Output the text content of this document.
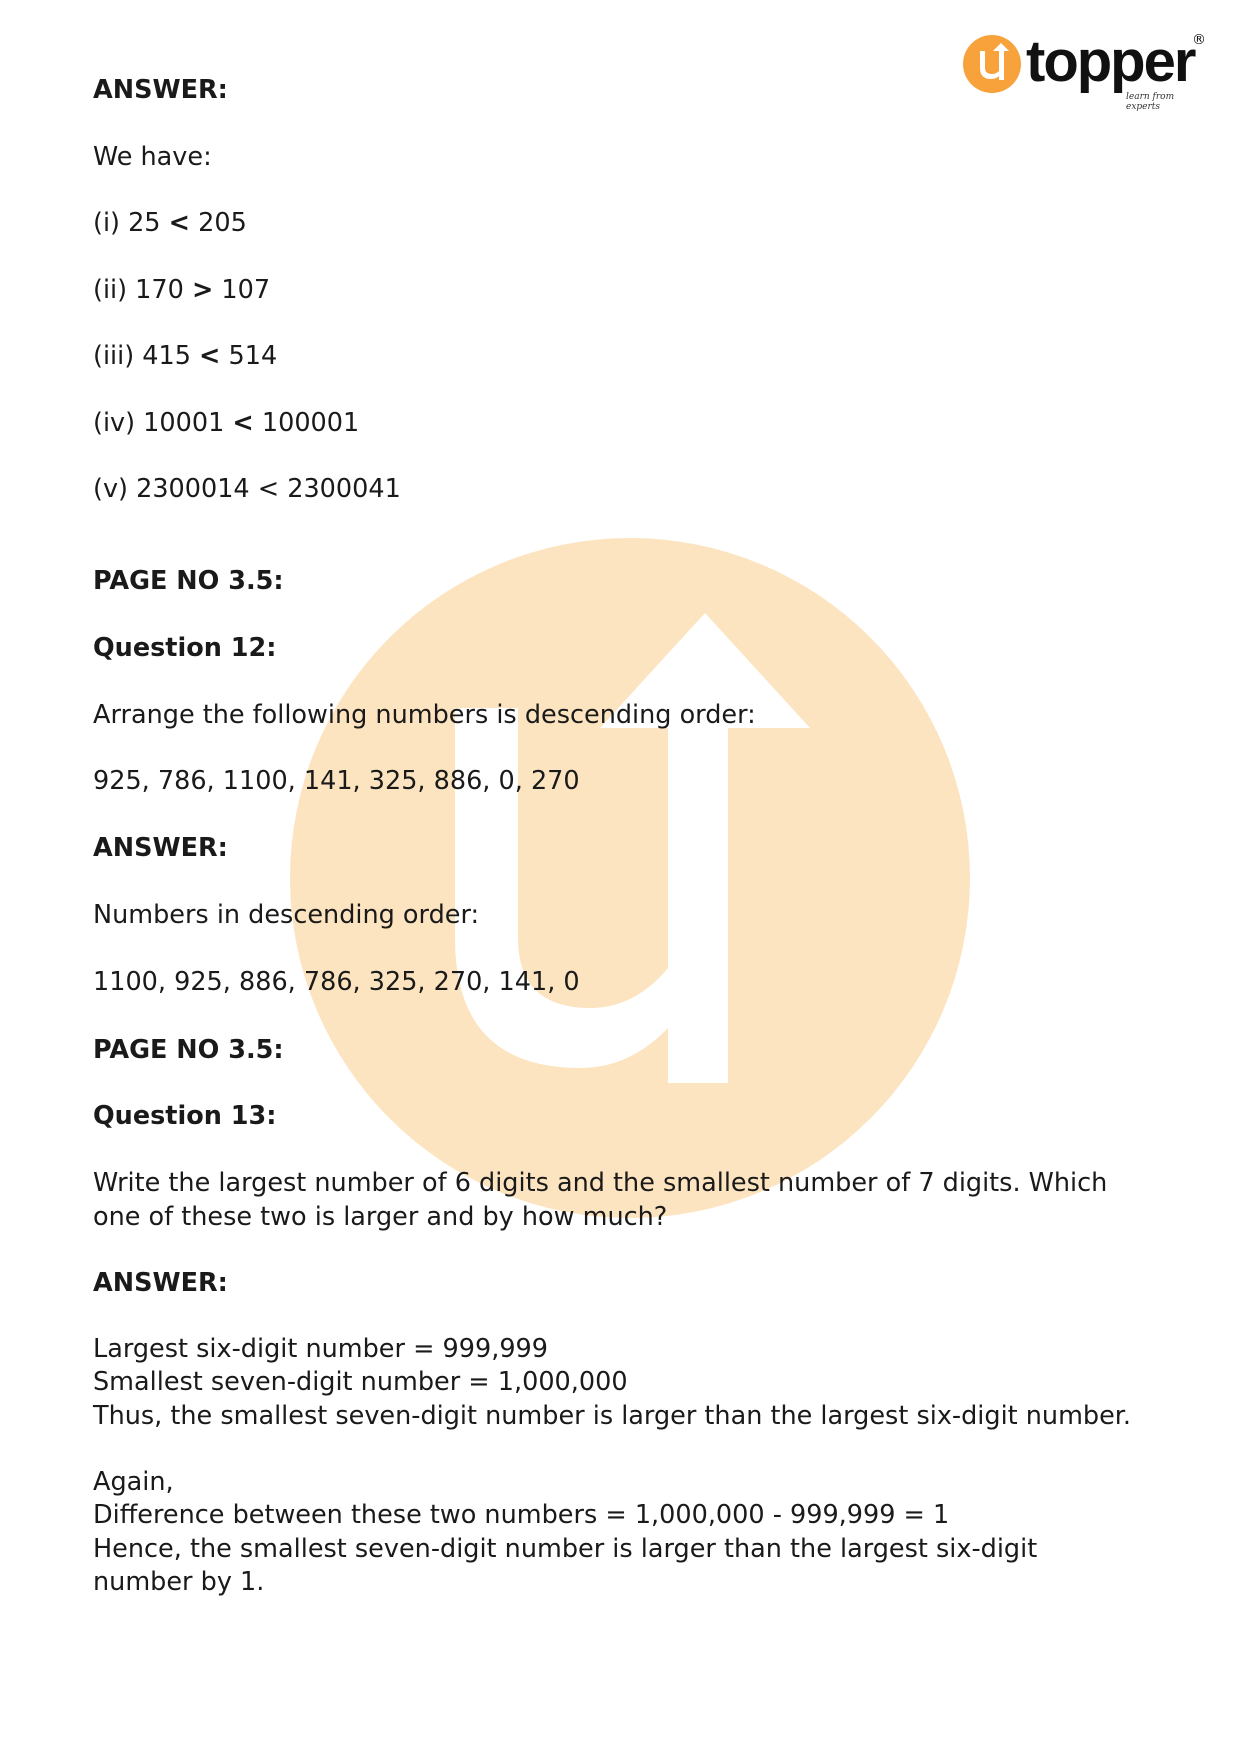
topper
®
learn from experts
ANSWER:
We have:
(i) 25 < 205
(ii) 170 > 107
(iii) 415 < 514
(iv) 10001 < 100001
(v) 2300014 < 2300041
PAGE NO 3.5:
Question 12:
Arrange the following numbers is descending order:
925, 786, 1100, 141, 325, 886, 0, 270
ANSWER:
Numbers in descending order:
1100, 925, 886, 786, 325, 270, 141, 0
PAGE NO 3.5:
Question 13:
Write the largest number of 6 digits and the smallest number of 7 digits. Which
one of these two is larger and by how much?
ANSWER:
Largest six-digit number = 999,999
Smallest seven-digit number = 1,000,000
Thus, the smallest seven-digit number is larger than the largest six-digit number.
Again,
Difference between these two numbers = 1,000,000 - 999,999 = 1
Hence, the smallest seven-digit number is larger than the largest six-digit
number by 1.
